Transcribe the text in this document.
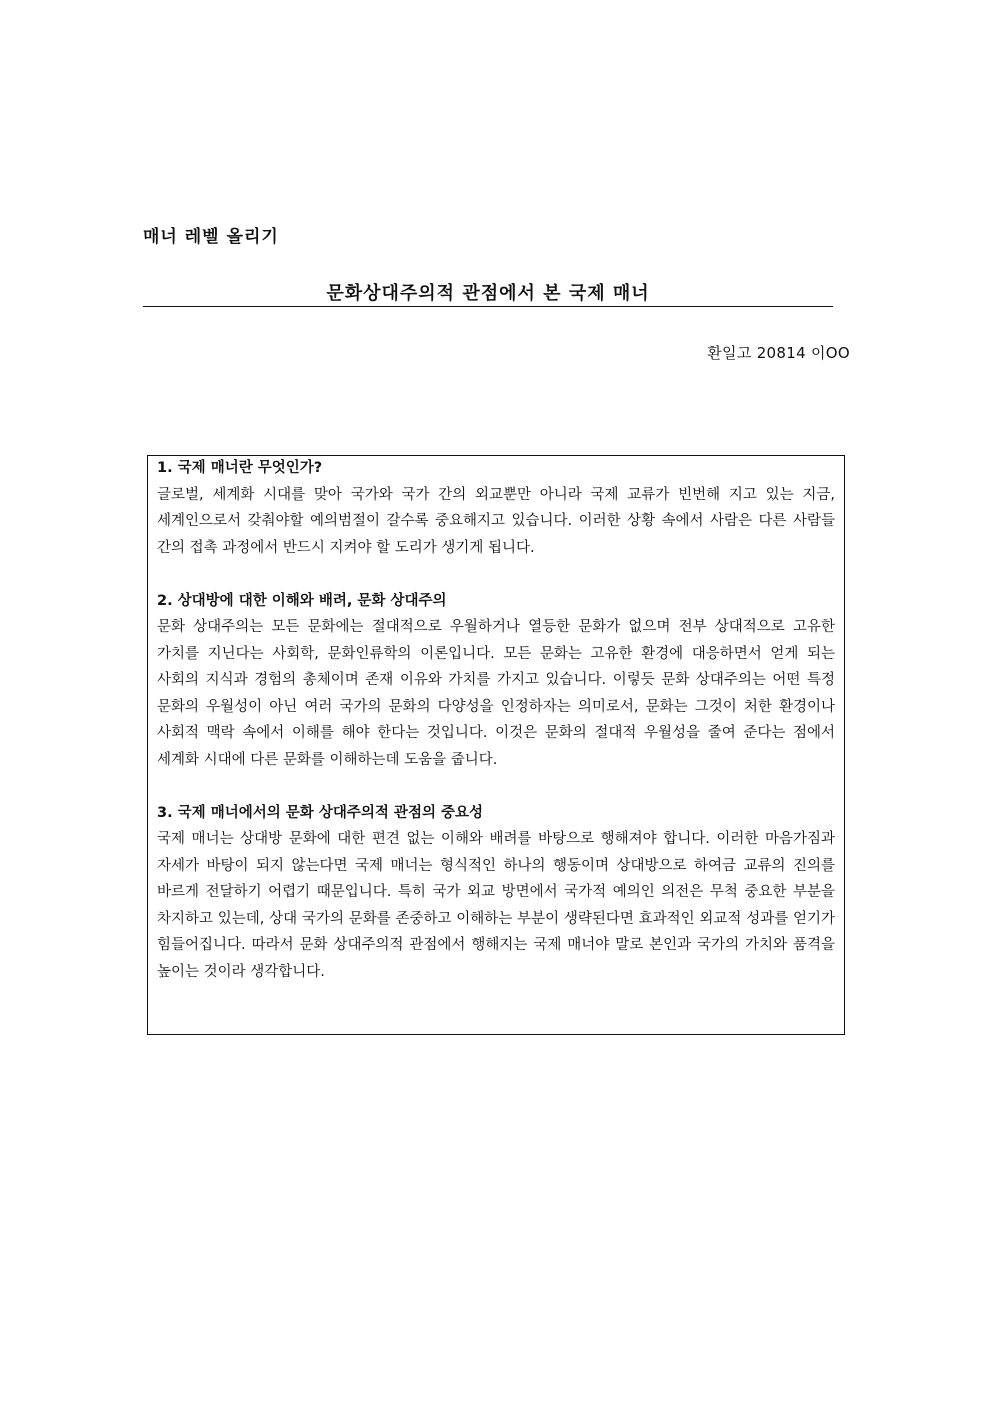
매너 레벨 올리기
문화상대주의적 관점에서 본 국제 매너
환일고 20814 이OO

1. 국제 매너란 무엇인가?

글로벌, 세계화 시대를 맞아 국가와 국가 간의 외교뿐만 아니라 국제 교류가 빈번해 지고 있는 지금, 세계인으로서 갖춰야할 예의범절이 갈수록 중요해지고 있습니다. 이러한 상황 속에서 사람은 다른 사람들 간의 접촉 과정에서 반드시 지켜야 할 도리가 생기게 됩니다.

2. 상대방에 대한 이해와 배려, 문화 상대주의

문화 상대주의는 모든 문화에는 절대적으로 우월하거나 열등한 문화가 없으며 전부 상대적으로 고유한 가치를 지닌다는 사회학, 문화인류학의 이론입니다. 모든 문화는 고유한 환경에 대응하면서 얻게 되는 사회의 지식과 경험의 총체이며 존재 이유와 가치를 가지고 있습니다. 이렇듯 문화 상대주의는 어떤 특정 문화의 우월성이 아닌 여러 국가의 문화의 다양성을 인정하자는 의미로서, 문화는 그것이 처한 환경이나 사회적 맥락 속에서 이해를 해야 한다는 것입니다. 이것은 문화의 절대적 우월성을 줄여 준다는 점에서 세계화 시대에 다른 문화를 이해하는데 도움을 줍니다.

3. 국제 매너에서의 문화 상대주의적 관점의 중요성

국제 매너는 상대방 문화에 대한 편견 없는 이해와 배려를 바탕으로 행해져야 합니다. 이러한 마음가짐과 자세가 바탕이 되지 않는다면 국제 매너는 형식적인 하나의 행동이며 상대방으로 하여금 교류의 진의를 바르게 전달하기 어렵기 때문입니다. 특히 국가 외교 방면에서 국가적 예의인 의전은 무척 중요한 부분을 차지하고 있는데, 상대 국가의 문화를 존중하고 이해하는 부분이 생략된다면 효과적인 외교적 성과를 얻기가 힘들어집니다. 따라서 문화 상대주의적 관점에서 행해지는 국제 매너야 말로 본인과 국가의 가치와 품격을 높이는 것이라 생각합니다.
